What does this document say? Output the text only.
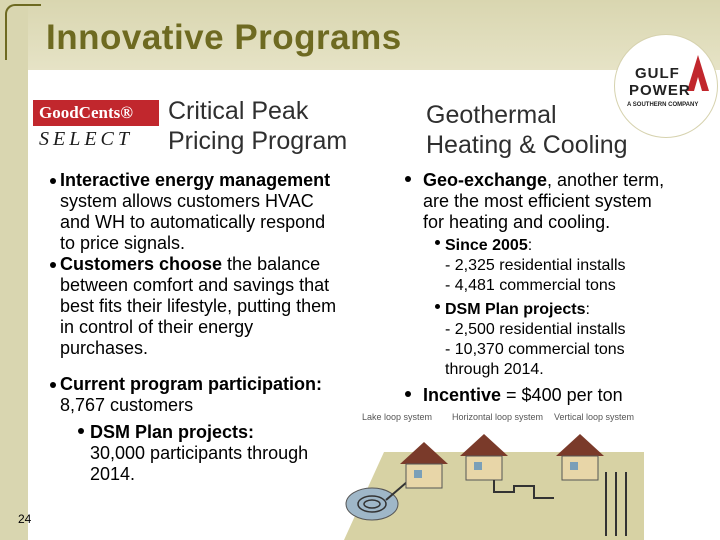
Innovative Programs
GULF
POWER
A SOUTHERN COMPANY
GoodCents®
SELECT
Critical Peak
Pricing Program
Geothermal
Heating & Cooling
Interactive energy management
system allows customers HVAC
and WH to automatically respond
to price signals.
Customers choose the balance
between comfort and savings that
best fits their lifestyle, putting them
in control of their energy
purchases.
Current program participation:
8,767 customers
DSM Plan projects:
30,000 participants through
2014.
Geo-exchange, another term,
are the most efficient system
for heating and cooling.
Since 2005:
- 2,325 residential installs
- 4,481 commercial tons
DSM Plan projects:
- 2,500 residential installs
- 10,370 commercial tons
through 2014.
Incentive = $400 per ton
Lake loop system Horizontal loop system Vertical loop system
24
